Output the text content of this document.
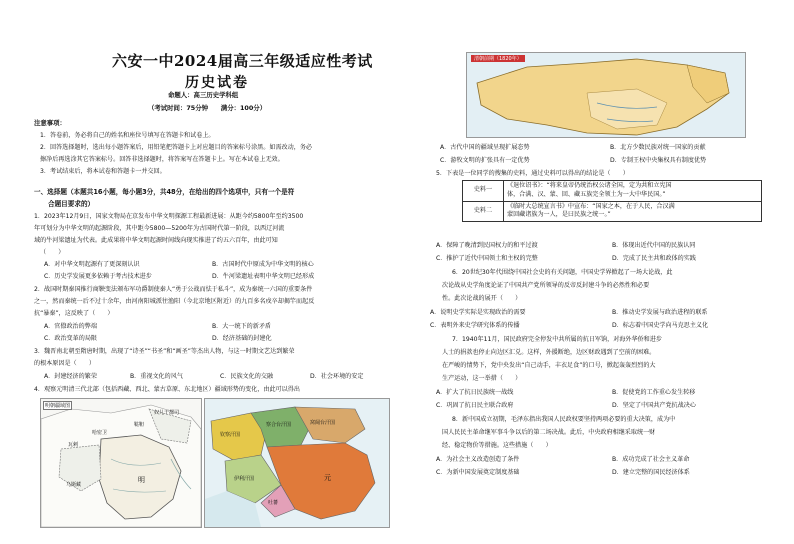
六安一中2024届高三年级适应性考试
历史试卷
命题人：高三历史学科组
（考试时间：75分钟　　满分：100分）
注意事项：
1．答卷前，务必将自己的姓名和座位号填写在答题卡和试卷上。
2．回答选择题时，选出每小题答案后，用铅笔把答题卡上对应题目的答案标号涂黑。如需改动，务必
擦净后再选涂其它答案标号。回答非选择题时，将答案写在答题卡上。写在本试卷上无效。
3．考试结束后，将本试卷和答题卡一并交回。
一、选择题（本题共16小题，每小题3分，共48分，在给出的四个选项中，只有一个是符
合题目要求的）
1．2023年12月9日，国家文物局在京发布中华文明探源工程最新进展：从距今约5800年至约3500
年可划分为中华文明的起源阶段，其中距今5800—5200年为古国时代第一阶段，以西辽河流
域的牛河梁遗址为代表。此成果将中华文明起源时间线向现实推进了约五六百年，由此可知
（　　）
A．对中华文明起源有了更深刻认识	B．古国时代中原成为中华文明的核心
C．历史学发展更多依赖于考古技术进步	D．牛河梁遗址表明中华文明已经形成
2．战国时期秦国推行商鞅变法颁布军功爵制使秦人“勇于公战而怯于私斗”，成为秦统一六国的重要条件
之一，然而秦统一后不过十余年，由河南阳城派往渔阳（今北京地区附近）的九百多名戍卒却揭竿而起反
抗“暴秦”，这反映了（　　）
A．官僚政治的弊端	B．大一统下的新矛盾
C．政治变革的局限	D．经济基础的封建化
3．魏晋南北朝至隋唐时期，出现了“诗圣”“书圣”和“画圣”等杰出人物，与这一时期文艺达到繁荣
的根本原因是（　　）
A．封建经济的繁荣	B．重视文化的风气	C．民族文化的交融	D．社会环境的安定
4．观察元明清三代北部（包括西藏、西北、蒙古草原、东北地区）疆域形势的变化，由此可以得出
明朝疆域图
哈密卫
鞑靼
瓦剌
奴儿干都司
乌斯藏
明
钦察汗国
察合台汗国	窝阔台汗国
元
伊利汗国
吐蕃
清朝前期（1820年）
A．古代中国的疆域呈现扩展态势	B．北方少数民族对统一国家的贡献
C．游牧文明的扩张具有一定优势	D．专制王权中央集权具有制度优势
5．下表是一位同学的搜集的史料，通过史料可以得出的结论是（　　）
史料一	《退位诏书》：“将来皇帝仍统治权公诸全国，定为共和立宪国
体，合满、汉、蒙、回、藏五族完全领土为一大中华民国。”

史料二	《临时大总统宣言书》中宣布：“国家之本，在于人民，合汉满
蒙回藏诸族为一人，是曰民族之统一。”
A．保障了晚清到民国权力的和平过渡	B．体现出近代中国的民族认同
C．推护了近代中国领土和主权的完整	D．完成了民主共和政体的实践
6．20世纪30年代围绕中国社会史的有关问题，中国史学界掀起了一场大论战，此
次论战从史学角度论证了中国共产党所领导的反帝反封建斗争的必然性和必要
性。此次论战的展开（　　）
A．说明史学实际是实现政治的需要	B．推动史学发展与政治进程的联系
C．表明外来史学研究体系的传播	D．标志着中国史学向马克思主义化
7．1940年11月，国民政府完全停发中共所属的抗日军饷，对海外华侨和进步
人士的捐款也停止向边区汇兑。这样，外援断绝，边区财政遇到了空前的困难。
在严峻的情势下，党中央发出“自己动手，丰衣足食”的口号，掀起轰轰烈烈的大
生产运动，这一举措（　　）
A．扩大了抗日民族统一战线	B．促使党的工作重心发生转移
C．巩固了抗日民主联合政府	D．坚定了中国共产党抗战决心
8．新中国成立初期，毛泽东指出我国人民政权要坚持两项必要的重大决策，成为中
国人民民主革命继军事斗争以后的第二场决战。此后，中央政府相继采取统一财
经、稳定物价等措施。这些措施（　　）
A．为社会主义改造创造了条件	B．成功完成了社会主义革命
C．为新中国发展奠定制度基础	D．建立完整的国民经济体系
